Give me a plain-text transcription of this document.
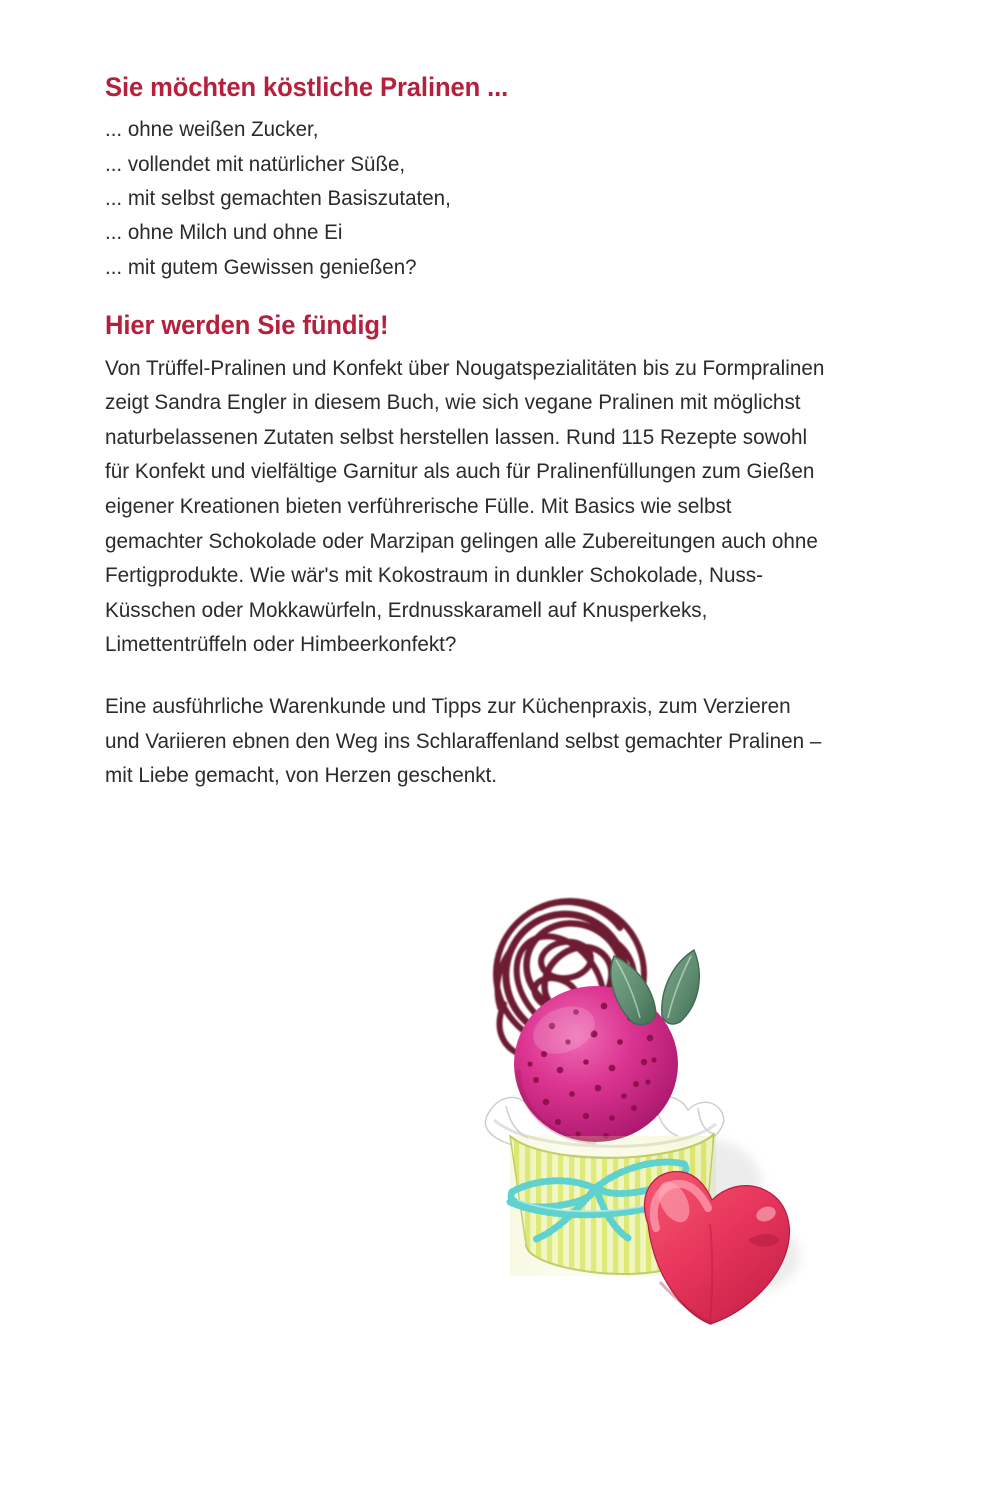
Sie möchten köstliche Pralinen ...
... ohne weißen Zucker,
... vollendet mit natürlicher Süße,
... mit selbst gemachten Basiszutaten,
... ohne Milch und ohne Ei
... mit gutem Gewissen genießen?
Hier werden Sie fündig!

Von Trüffel-Pralinen und Konfekt über Nougatspezialitäten bis zu Formpralinen zeigt Sandra Engler in diesem Buch, wie sich vegane Pralinen mit möglichst naturbelassenen Zutaten selbst herstellen lassen. Rund 115 Rezepte sowohl für Konfekt und vielfältige Garnitur als auch für Pralinenfüllungen zum Gießen eigener Kreationen bieten verführerische Fülle. Mit Basics wie selbst gemachter Schokolade oder Marzipan gelingen alle Zubereitungen auch ohne Fertigprodukte. Wie wär's mit Kokostraum in dunkler Schokolade, Nuss-Küsschen oder Mokkawürfeln, Erdnusskaramell auf Knusperkeks, Limettentrüffeln oder Himbeerkonfekt?

Eine ausführliche Warenkunde und Tipps zur Küchenpraxis, zum Verzieren und Variieren ebnen den Weg ins Schlaraffenland selbst gemachter Pralinen – mit Liebe gemacht, von Herzen geschenkt.
